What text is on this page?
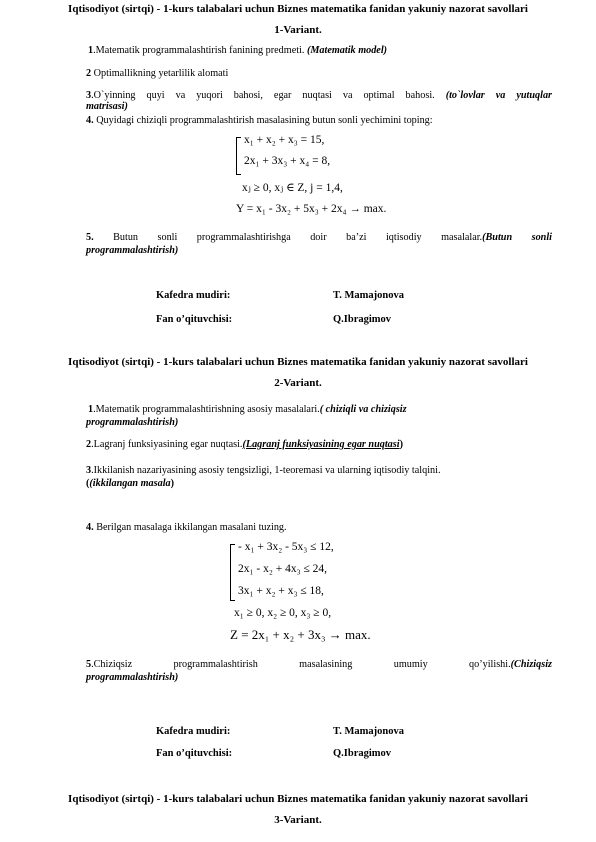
Iqtisodiyot (sirtqi) - 1-kurs talabalari uchun Biznes matematika fanidan yakuniy nazorat savollari
1-Variant.
1.Matematik programmalashtirish fanining predmeti. (Matematik model)
2 Optimallikning yetarlilik alomati
3.O`yinning quyi va yuqori bahosi, egar nuqtasi va optimal bahosi. (to`lovlar va yutuqlar
matrisasi)
4. Quyidagi chiziqli programmalashtirish masalasining butun sonli yechimini toping:
x₁ + x₂ + x₃ = 15,
2x₁ + 3x₃ + x₄ = 8,
xⱼ ≥ 0, xⱼ ∈ Z, j = 1,4,
Y = x₁ - 3x₂ + 5x₃ + 2x₄ → max.
5. Butun sonli programmalashtirishga doir ba’zi iqtisodiy masalalar.(Butun sonli
programmalashtirish)
Kafedra mudiri:	T. Mamajonova
Fan o’qituvchisi:	Q.Ibragimov
Iqtisodiyot (sirtqi) - 1-kurs talabalari uchun Biznes matematika fanidan yakuniy nazorat savollari
2-Variant.
1.Matematik programmalashtirishning asosiy masalalari.( chiziqli va chiziqsiz
programmalashtirish)
2.Lagranj funksiyasining egar nuqtasi.(Lagranj funksiyasining egar nuqtasi)
3.Ikkilanish nazariyasining asosiy tengsizligi, 1-teoremasi va ularning iqtisodiy talqini.
((ikkilangan masala)
4. Berilgan masalaga ikkilangan masalani tuzing.
- x₁ + 3x₂ - 5x₃ ≤ 12,
2x₁ - x₂ + 4x₃ ≤ 24,
3x₁ + x₂ + x₃ ≤ 18,
x₁ ≥ 0, x₂ ≥ 0, x₃ ≥ 0,
Z = 2x₁ + x₂ + 3x₃ → max.
5.Chiziqsiz programmalashtirish masalasining umumiy qo’yilishi.(Chiziqsiz
programmalashtirish)
Kafedra mudiri:	T. Mamajonova
Fan o’qituvchisi:	Q.Ibragimov
Iqtisodiyot (sirtqi) - 1-kurs talabalari uchun Biznes matematika fanidan yakuniy nazorat savollari
3-Variant.
